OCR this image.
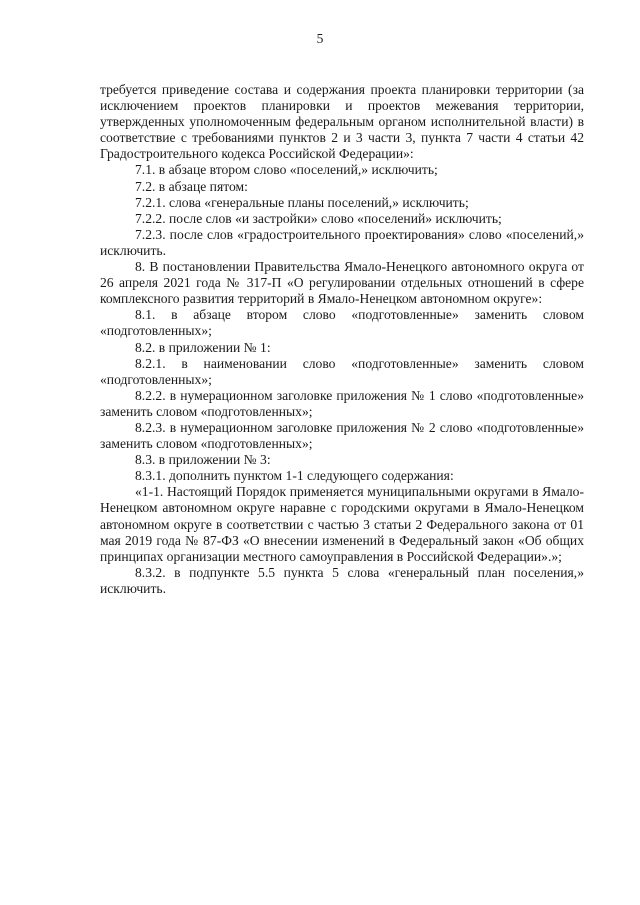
5

требуется приведение состава и содержания проекта планировки территории (за исключением проектов планировки и проектов межевания территории, утвержденных уполномоченным федеральным органом исполнительной власти) в соответствие с требованиями пунктов 2 и 3 части 3, пункта 7 части 4 статьи 42 Градостроительного кодекса Российской Федерации»:

7.1. в абзаце втором слово «поселений,» исключить;

7.2. в абзаце пятом:

7.2.1. слова «генеральные планы поселений,» исключить;

7.2.2. после слов «и застройки» слово «поселений» исключить;

7.2.3. после слов «градостроительного проектирования» слово «поселений,» исключить.

8. В постановлении Правительства Ямало-Ненецкого автономного округа от 26 апреля 2021 года № 317-П «О регулировании отдельных отношений в сфере комплексного развития территорий в Ямало-Ненецком автономном округе»:

8.1. в абзаце втором слово «подготовленные» заменить словом «подготовленных»;

8.2. в приложении № 1:

8.2.1. в наименовании слово «подготовленные» заменить словом «подготовленных»;

8.2.2. в нумерационном заголовке приложения № 1 слово «подготовленные» заменить словом «подготовленных»;

8.2.3. в нумерационном заголовке приложения № 2 слово «подготовленные» заменить словом «подготовленных»;

8.3. в приложении № 3:

8.3.1. дополнить пунктом 1-1 следующего содержания:

«1-1. Настоящий Порядок применяется муниципальными округами в Ямало-Ненецком автономном округе наравне с городскими округами в Ямало-Ненецком автономном округе в соответствии с частью 3 статьи 2 Федерального закона от 01 мая 2019 года № 87-ФЗ «О внесении изменений в Федеральный закон «Об общих принципах организации местного самоуправления в Российской Федерации».»;

8.3.2. в подпункте 5.5 пункта 5 слова «генеральный план поселения,» исключить.
